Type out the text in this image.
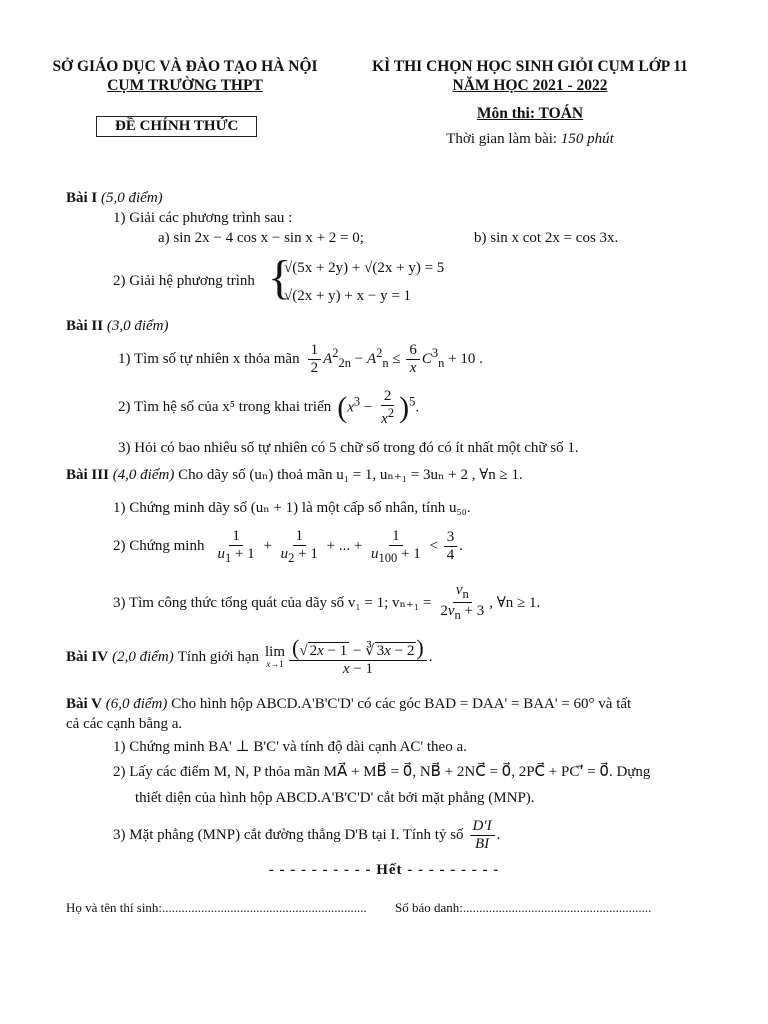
SỞ GIÁO DỤC VÀ ĐÀO TẠO HÀ NỘI
CỤM TRƯỜNG THPT
ĐỀ CHÍNH THỨC
KÌ THI CHỌN HỌC SINH GIỎI CỤM LỚP 11
NĂM HỌC 2021 - 2022
Môn thi: TOÁN
Thời gian làm bài: 150 phút
Bài I (5,0 điểm)
1) Giải các phương trình sau :
a) sin 2x − 4 cos x − sin x + 2 = 0;	b) sin x cot 2x = cos 3x.
2) Giải hệ phương trình {
√(5x + 2y) + √(2x + y) = 5
√(2x + y) + x − y = 1
Bài II (3,0 điểm)
1) Tìm số tự nhiên x thỏa mãn $\frac{1}{2} A^2_{2n} - A^2_n \le \frac{6}{x} C^3_n + 10$ .
2) Tìm hệ số của x⁵ trong khai triển $(x^3 - \frac{2}{x^2} )^5$.
3) Hỏi có bao nhiêu số tự nhiên có 5 chữ số trong đó có ít nhất một chữ số 1.
Bài III (4,0 điểm) Cho dãy số (uₙ) thoả mãn u₁ = 1, uₙ₊₁ = 3uₙ + 2 , ∀n ≥ 1.
1) Chứng minh dãy số (uₙ + 1) là một cấp số nhân, tính u₅₀.
2) Chứng minh $\frac{1}{u_1 + 1} + \frac{1}{u_2 + 1}$ + ... + $\frac{1}{u_{100} + 1} < \frac{3}{4}$ .
3) Tìm công thức tổng quát của dãy số v₁ = 1; $v_{n+1} = \frac{v_n}{2v_n + 3}$ , ∀n ≥ 1.
Bài IV (2,0 điểm) Tính giới hạn lim
$x\to 1 \frac{(√ 2x - 1 - ∛ 3x - 2)}{x - 1}$ .
Bài V (6,0 điểm) Cho hình hộp ABCD.A'B'C'D' có các góc BAD = DAA' = BAA' = 60° và tất
cả các cạnh bằng a.
1) Chứng minh BA' ⊥ B'C' và tính độ dài cạnh AC' theo a.
2) Lấy các điểm M, N, P thỏa mãn MA⃗ + MB⃗ = 0⃗, NB⃗ + 2NC⃗ = 0⃗, 2PC⃗ + PC'⃗ = 0⃗. Dựng
thiết diện của hình hộp ABCD.A'B'C'D' cắt bởi mặt phẳng (MNP).
3) Mặt phẳng (MNP) cắt đường thẳng D'B tại I. Tính tỷ số $\frac{D'I}{BI}$ .
- - - - - - - - - - Hết - - - - - - - - -
Họ và tên thí sinh:............................................................... Số báo danh:..........................................................
